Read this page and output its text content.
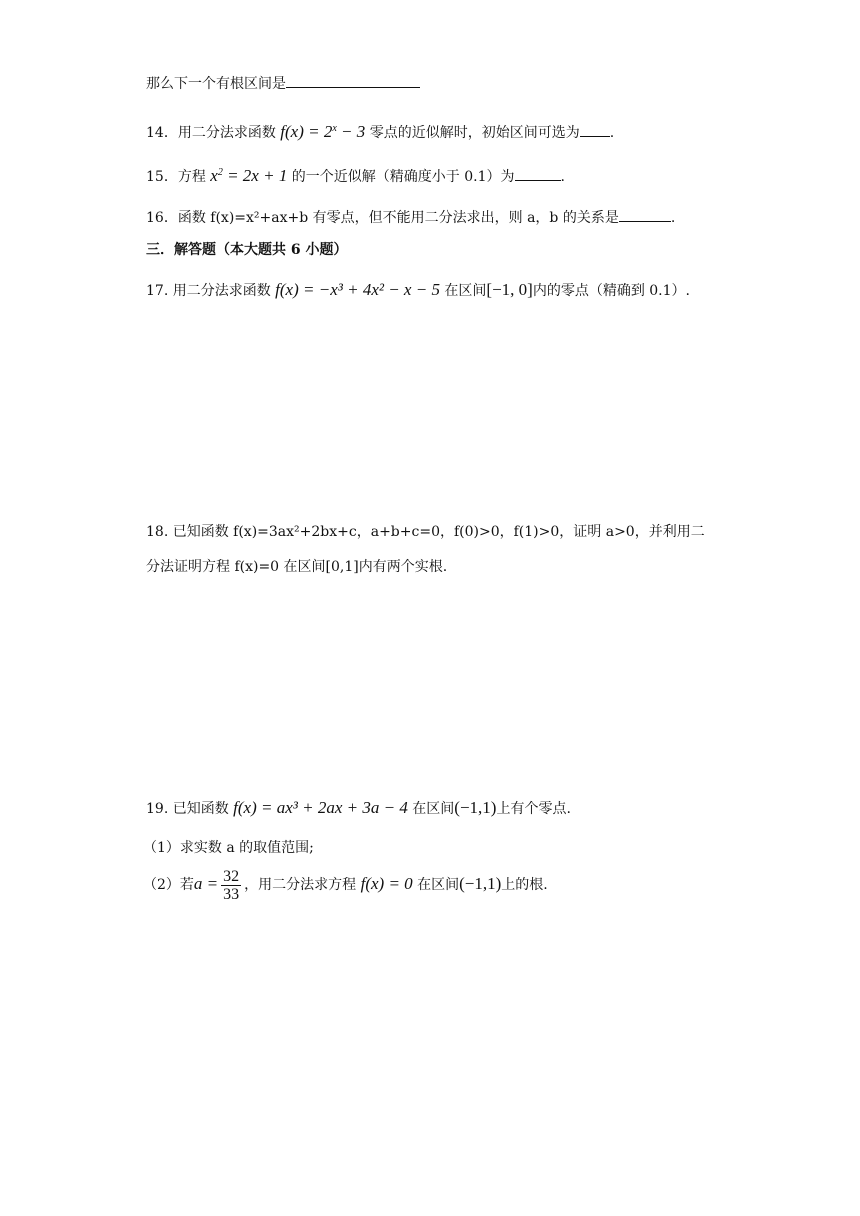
那么下一个有根区间是
14．用二分法求函数 $f(x) = 2^x - 3$ 零点的近似解时，初始区间可选为 .
15．方程 $x^2 = 2x + 1$ 的一个近似解（精确度小于 0.1）为	.
16．函数 f(x)=x²+ax+b 有零点，但不能用二分法求出，则 a，b 的关系是	.
三．解答题（本大题共 6 小题）
17. 用二分法求函数 f(x) = −x³ + 4x² − x − 5 在区间[−1, 0]内的零点（精确到 0.1）.
18. 已知函数 f(x)=3ax²+2bx+c，a+b+c=0，f(0)>0，f(1)>0，证明 a>0，并利用二
分法证明方程 f(x)=0 在区间[0,1]内有两个实根.
19. 已知函数 f(x) = ax³ + 2ax + 3a − 4 在区间(−1,1)上有个零点.
（1）求实数 a 的取值范围;
（2）若$a = \frac{32}{33}$ ，用二分法求方程 f(x) = 0 在区间(−1,1)上的根.
